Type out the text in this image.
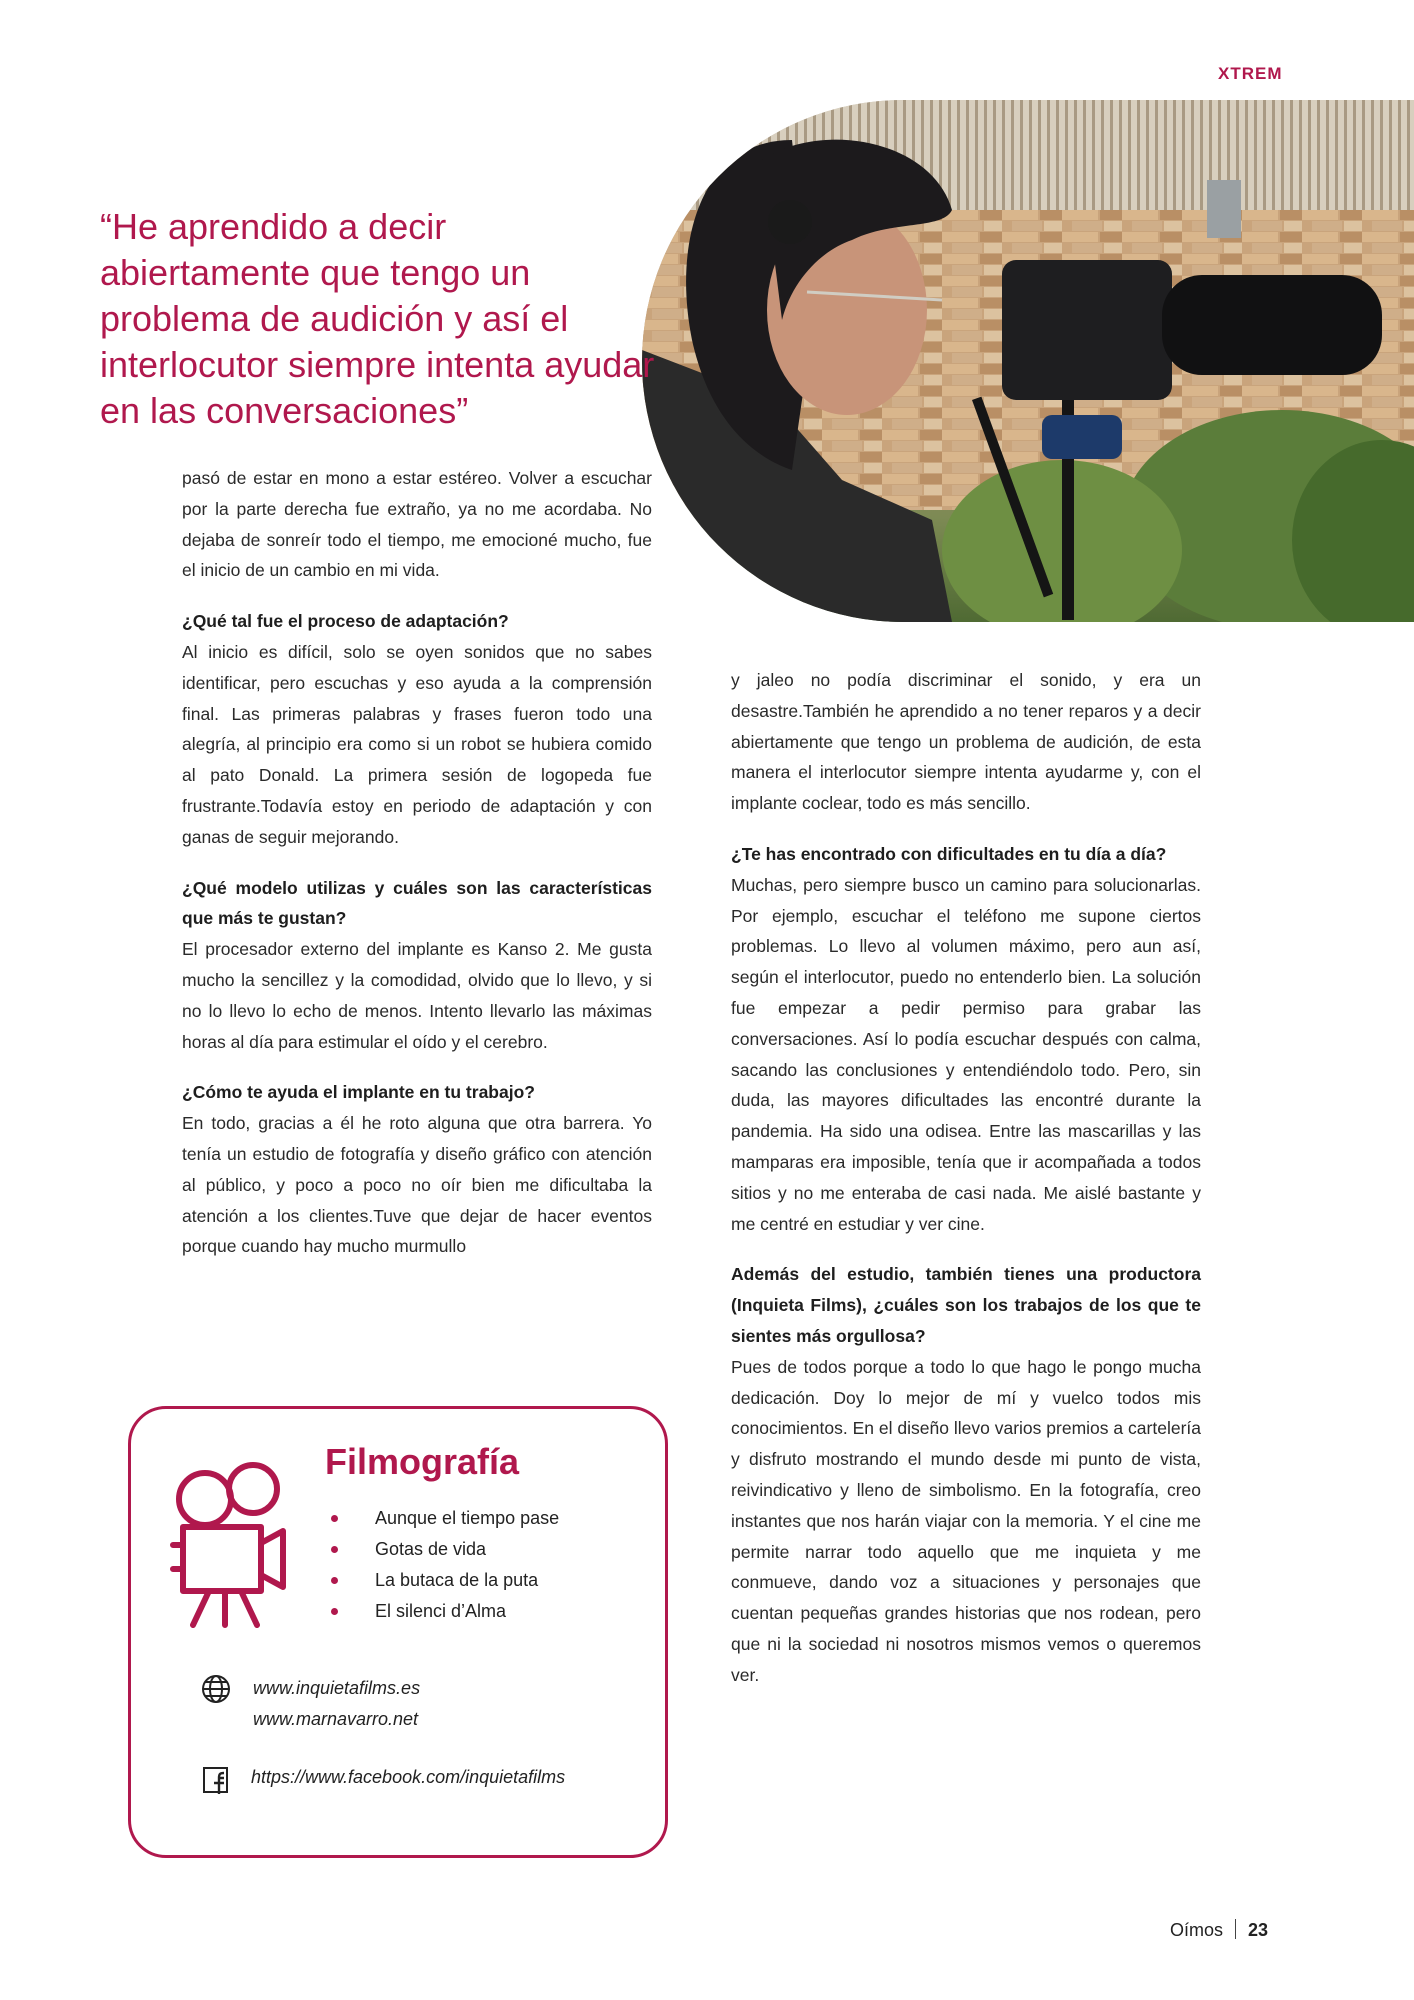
XTREM
“He aprendido a decir abiertamente que tengo un problema de audición y así el interlocutor siempre intenta ayudar en las conversaciones”

pasó de estar en mono a estar estéreo. Volver a escuchar por la parte derecha fue extraño, ya no me acordaba. No dejaba de sonreír todo el tiempo, me emocioné mucho, fue el inicio de un cambio en mi vida.

¿Qué tal fue el proceso de adaptación?

Al inicio es difícil, solo se oyen sonidos que no sabes identificar, pero escuchas y eso ayuda a la comprensión final. Las primeras palabras y frases fueron todo una alegría, al principio era como si un robot se hubiera comido al pato Donald. La primera sesión de logopeda fue frustrante.Todavía estoy en periodo de adaptación y con ganas de seguir mejorando.

¿Qué modelo utilizas y cuáles son las características que más te gustan?

El procesador externo del implante es Kanso 2. Me gusta mucho la sencillez y la comodidad, olvido que lo llevo, y si no lo llevo lo echo de menos. Intento llevarlo las máximas horas al día para estimular el oído y el cerebro.

¿Cómo te ayuda el implante en tu trabajo?

En todo, gracias a él he roto alguna que otra barrera. Yo tenía un estudio de fotografía y diseño gráfico con atención al público, y poco a poco no oír bien me dificultaba la atención a los clientes.Tuve que dejar de hacer eventos porque cuando hay mucho murmullo

y jaleo no podía discriminar el sonido, y era un desastre.También he aprendido a no tener reparos y a decir abiertamente que tengo un problema de audición, de esta manera el interlocutor siempre intenta ayudarme y, con el implante coclear, todo es más sencillo.

¿Te has encontrado con dificultades en tu día a día?

Muchas, pero siempre busco un camino para solucionarlas. Por ejemplo, escuchar el teléfono me supone ciertos problemas. Lo llevo al volumen máximo, pero aun así, según el interlocutor, puedo no entenderlo bien. La solución fue empezar a pedir permiso para grabar las conversaciones. Así lo podía escuchar después con calma, sacando las conclusiones y entendiéndolo todo. Pero, sin duda, las mayores dificultades las encontré durante la pandemia. Ha sido una odisea. Entre las mascarillas y las mamparas era imposible, tenía que ir acompañada a todos sitios y no me enteraba de casi nada. Me aislé bastante y me centré en estudiar y ver cine.

Además del estudio, también tienes una productora (Inquieta Films), ¿cuáles son los trabajos de los que te sientes más orgullosa?

Pues de todos porque a todo lo que hago le pongo mucha dedicación. Doy lo mejor de mí y vuelco todos mis conocimientos. En el diseño llevo varios premios a cartelería y disfruto mostrando el mundo desde mi punto de vista, reivindicativo y lleno de simbolismo. En la fotografía, creo instantes que nos harán viajar con la memoria. Y el cine me permite narrar todo aquello que me inquieta y me conmueve, dando voz a situaciones y personajes que cuentan pequeñas grandes historias que nos rodean, pero que ni la sociedad ni nosotros mismos vemos o queremos ver.

Filmografía
Aunque el tiempo pase
Gotas de vida
La butaca de la puta
El silenci d’Alma
www.inquietafilms.es
www.marnavarro.net
https://www.facebook.com/inquietafilms
Oímos 23
